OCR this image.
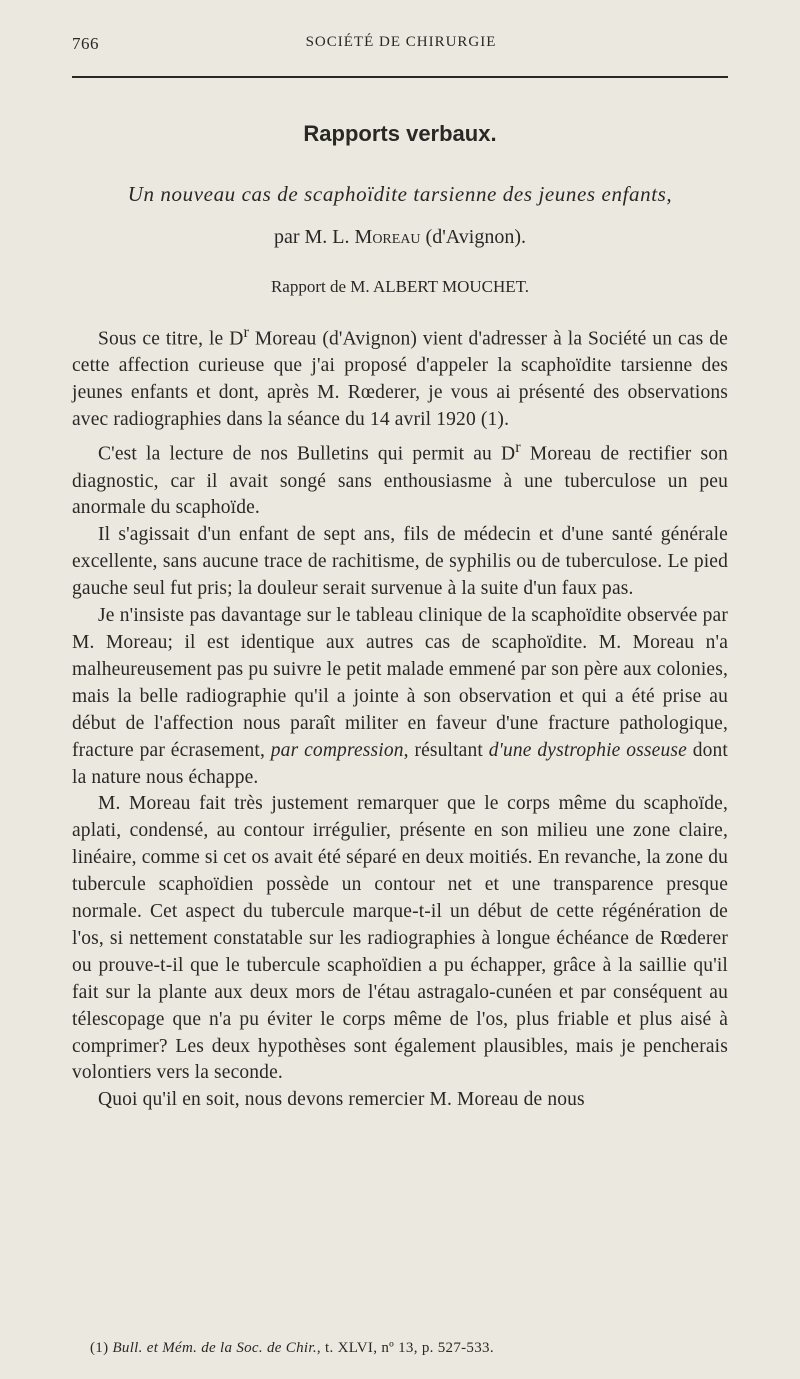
766	SOCIÉTÉ DE CHIRURGIE
Rapports verbaux.
Un nouveau cas de scaphoïdite tarsienne des jeunes enfants,
par M. L. Moreau (d'Avignon).
Rapport de M. ALBERT MOUCHET.

Sous ce titre, le $D^r$ Moreau (d'Avignon) vient d'adresser à la Société un cas de cette affection curieuse que j'ai proposé d'appeler la scaphoïdite tarsienne des jeunes enfants et dont, après M. Rœderer, je vous ai présenté des observations avec radiographies dans la séance du 14 avril 1920 (1).

C'est la lecture de nos Bulletins qui permit au $D^r$ Moreau de rectifier son diagnostic, car il avait songé sans enthousiasme à une tuberculose un peu anormale du scaphoïde.

Il s'agissait d'un enfant de sept ans, fils de médecin et d'une santé générale excellente, sans aucune trace de rachitisme, de syphilis ou de tuberculose. Le pied gauche seul fut pris; la douleur serait survenue à la suite d'un faux pas.

Je n'insiste pas davantage sur le tableau clinique de la scaphoïdite observée par M. Moreau; il est identique aux autres cas de scaphoïdite. M. Moreau n'a malheureusement pas pu suivre le petit malade emmené par son père aux colonies, mais la belle radiographie qu'il a jointe à son observation et qui a été prise au début de l'affection nous paraît militer en faveur d'une fracture pathologique, fracture par écrasement, par compression, résultant d'une dystrophie osseuse dont la nature nous échappe.

M. Moreau fait très justement remarquer que le corps même du scaphoïde, aplati, condensé, au contour irrégulier, présente en son milieu une zone claire, linéaire, comme si cet os avait été séparé en deux moitiés. En revanche, la zone du tubercule scaphoïdien possède un contour net et une transparence presque normale. Cet aspect du tubercule marque-t-il un début de cette régénération de l'os, si nettement constatable sur les radiographies à longue échéance de Rœderer ou prouve-t-il que le tubercule scaphoïdien a pu échapper, grâce à la saillie qu'il fait sur la plante aux deux mors de l'étau astragalo-cunéen et par conséquent au télescopage que n'a pu éviter le corps même de l'os, plus friable et plus aisé à comprimer? Les deux hypothèses sont également plausibles, mais je pencherais volontiers vers la seconde.

Quoi qu'il en soit, nous devons remercier M. Moreau de nous

(1) Bull. et Mém. de la Soc. de Chir., t. XLVI, nº 13, p. 527-533.
